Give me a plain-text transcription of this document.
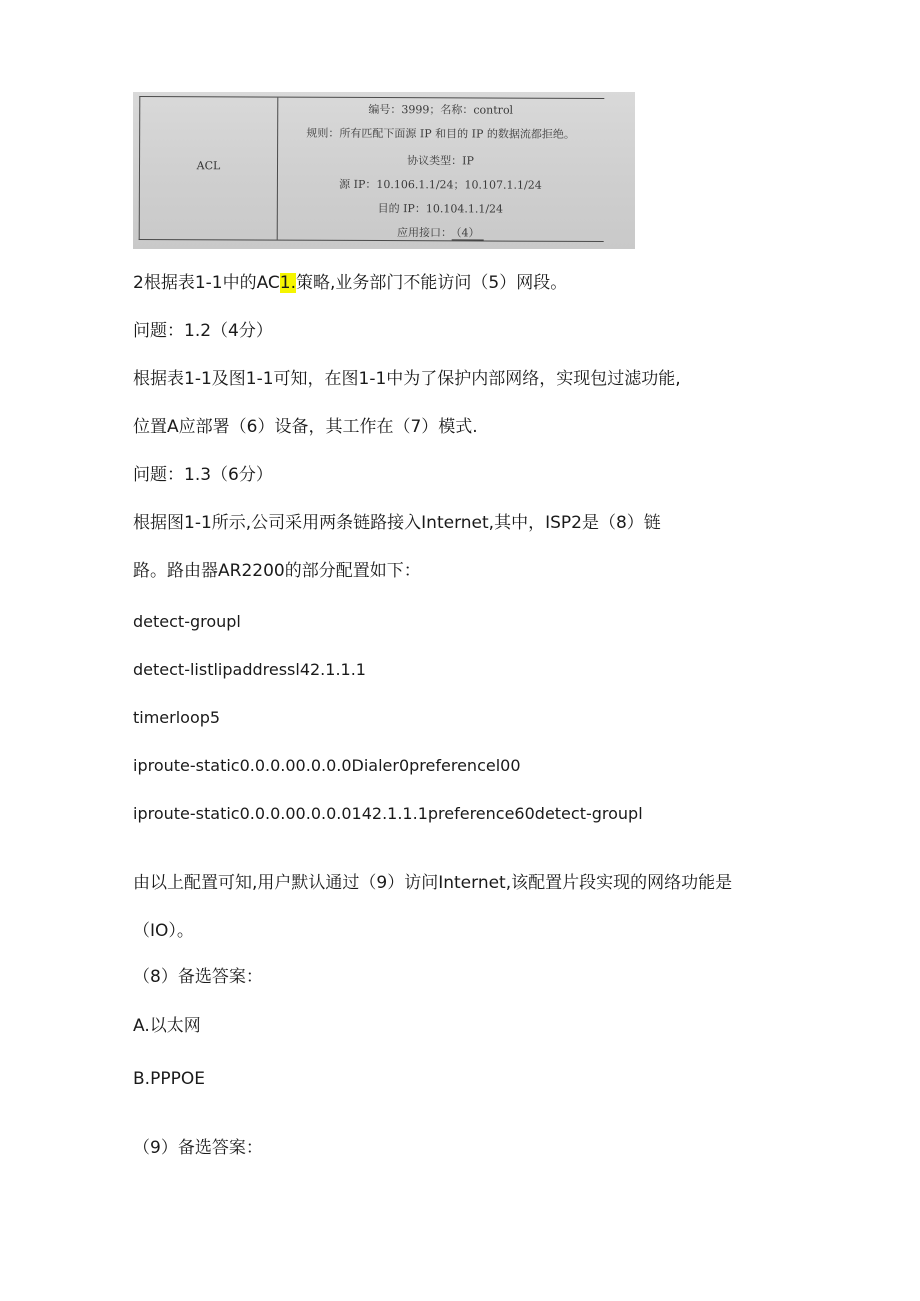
ACL
编号：3999；名称：control
规则：所有匹配下面源 IP 和目的 IP 的数据流都拒绝。
协议类型：IP
源 IP：10.106.1.1/24；10.107.1.1/24
目的 IP：10.104.1.1/24
应用接口： （4）
2根据表1-1中的AC1.策略,业务部门不能访问（5）网段。
问题：1.2（4分）
根据表1-1及图1-1可知，在图1-1中为了保护内部网络，实现包过滤功能,
位置A应部署（6）设备，其工作在（7）模式.
问题：1.3（6分）
根据图1-1所示,公司采用两条链路接入Internet,其中，ISP2是（8）链
路。路由器AR2200的部分配置如下：
detect-groupl
detect-listlipaddressl42.1.1.1
timerloop5
iproute-static0.0.0.00.0.0.0Dialer0preferencel00
iproute-static0.0.0.00.0.0.0142.1.1.1preference60detect-groupl
由以上配置可知,用户默认通过（9）访问Internet,该配置片段实现的网络功能是
（IO）。
（8）备选答案：
A.以太网
B.PPPOE
（9）备选答案：
